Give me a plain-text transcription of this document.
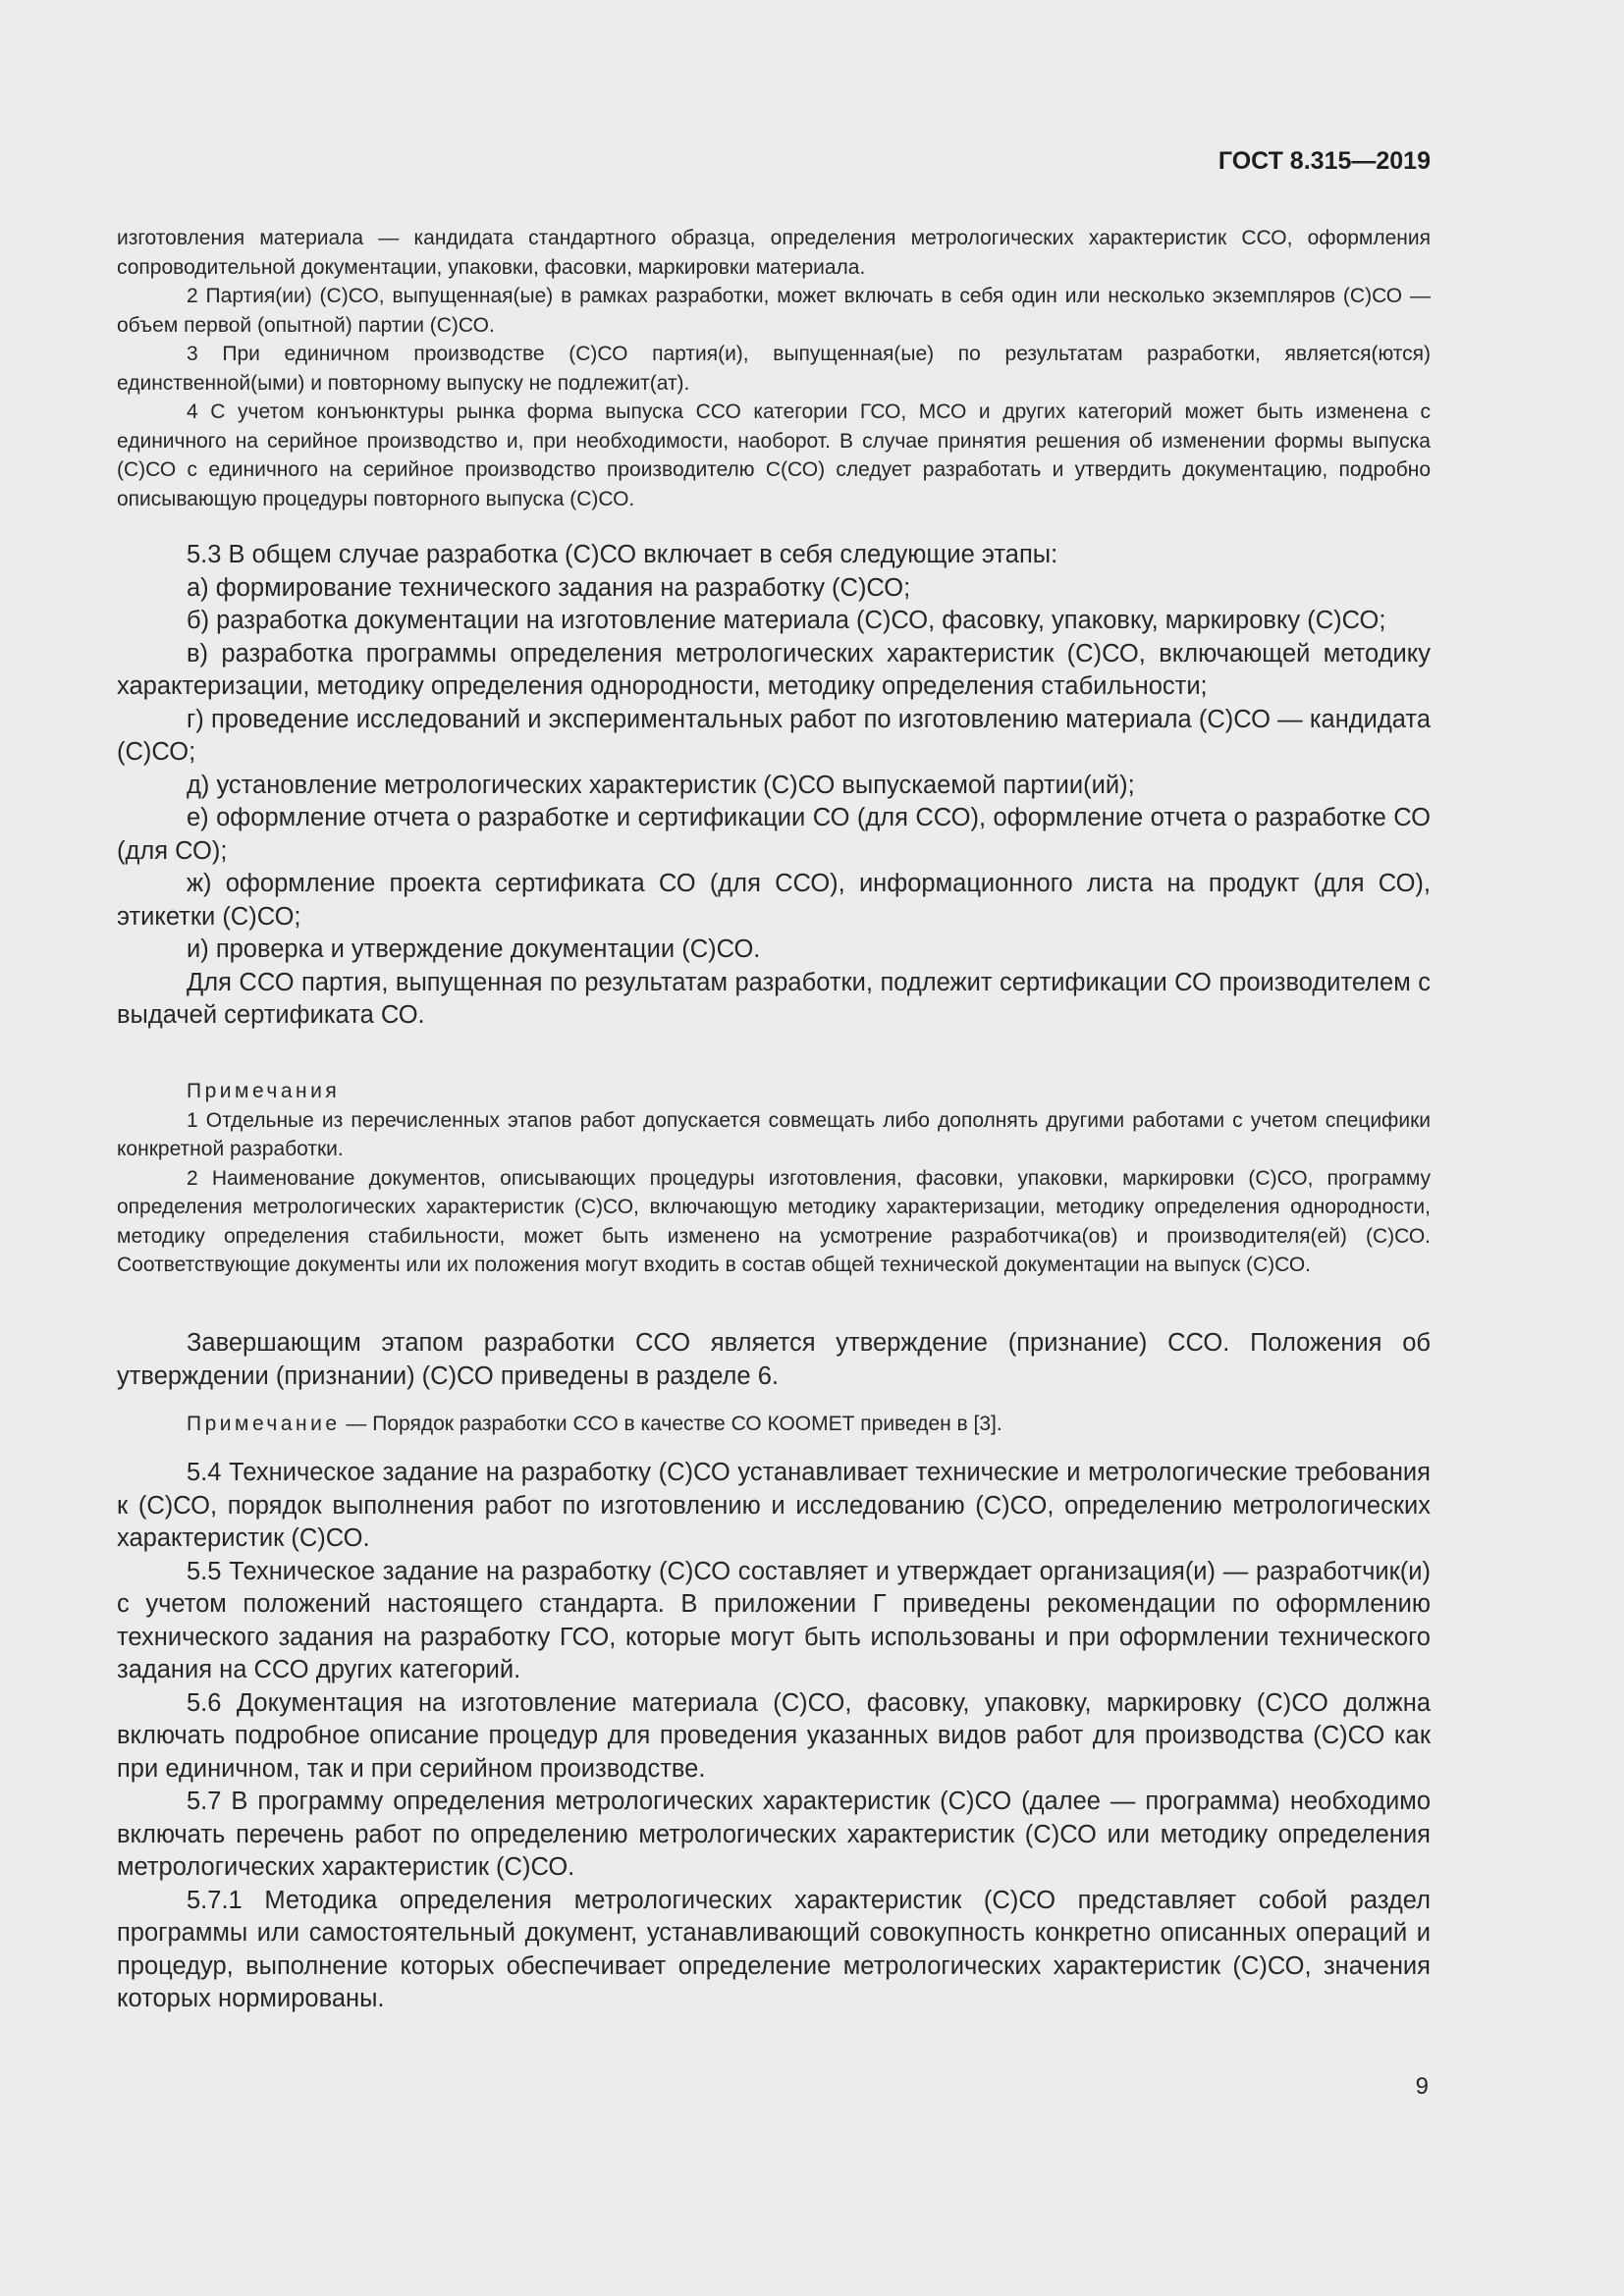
ГОСТ 8.315—2019

изготовления материала — кандидата стандартного образца, определения метрологических характеристик ССО, оформления сопроводительной документации, упаковки, фасовки, маркировки материала.

2 Партия(ии) (С)СО, выпущенная(ые) в рамках разработки, может включать в себя один или несколько экземпляров (С)СО — объем первой (опытной) партии (С)СО.

3 При единичном производстве (С)СО партия(и), выпущенная(ые) по результатам разработки, является(ются) единственной(ыми) и повторному выпуску не подлежит(ат).

4 С учетом конъюнктуры рынка форма выпуска ССО категории ГСО, МСО и других категорий может быть изменена с единичного на серийное производство и, при необходимости, наоборот. В случае принятия решения об изменении формы выпуска (С)СО с единичного на серийное производство производителю С(СО) следует разработать и утвердить документацию, подробно описывающую процедуры повторного выпуска (С)СО.

5.3 В общем случае разработка (С)СО включает в себя следующие этапы:

а) формирование технического задания на разработку (С)СО;

б) разработка документации на изготовление материала (С)СО, фасовку, упаковку, маркировку (С)СО;

в) разработка программы определения метрологических характеристик (С)СО, включающей методику характеризации, методику определения однородности, методику определения стабильности;

г) проведение исследований и экспериментальных работ по изготовлению материала (С)СО — кандидата (С)СО;

д) установление метрологических характеристик (С)СО выпускаемой партии(ий);

е) оформление отчета о разработке и сертификации СО (для ССО), оформление отчета о разработке СО (для СО);

ж) оформление проекта сертификата СО (для ССО), информационного листа на продукт (для СО), этикетки (С)СО;

и) проверка и утверждение документации (С)СО.

Для ССО партия, выпущенная по результатам разработки, подлежит сертификации СО производителем с выдачей сертификата СО.

Примечания

1 Отдельные из перечисленных этапов работ допускается совмещать либо дополнять другими работами с учетом специфики конкретной разработки.

2 Наименование документов, описывающих процедуры изготовления, фасовки, упаковки, маркировки (С)СО, программу определения метрологических характеристик (С)СО, включающую методику характеризации, методику определения однородности, методику определения стабильности, может быть изменено на усмотрение разработчика(ов) и производителя(ей) (С)СО. Соответствующие документы или их положения могут входить в состав общей технической документации на выпуск (С)СО.

Завершающим этапом разработки ССО является утверждение (признание) ССО. Положения об утверждении (признании) (С)СО приведены в разделе 6.

Примечание — Порядок разработки ССО в качестве СО КООМЕТ приведен в [3].

5.4 Техническое задание на разработку (С)СО устанавливает технические и метрологические требования к (С)СО, порядок выполнения работ по изготовлению и исследованию (С)СО, определению метрологических характеристик (С)СО.

5.5 Техническое задание на разработку (С)СО составляет и утверждает организация(и) — разработчик(и) с учетом положений настоящего стандарта. В приложении Г приведены рекомендации по оформлению технического задания на разработку ГСО, которые могут быть использованы и при оформлении технического задания на ССО других категорий.

5.6 Документация на изготовление материала (С)СО, фасовку, упаковку, маркировку (С)СО должна включать подробное описание процедур для проведения указанных видов работ для производства (С)СО как при единичном, так и при серийном производстве.

5.7 В программу определения метрологических характеристик (С)СО (далее — программа) необходимо включать перечень работ по определению метрологических характеристик (С)СО или методику определения метрологических характеристик (С)СО.

5.7.1 Методика определения метрологических характеристик (С)СО представляет собой раздел программы или самостоятельный документ, устанавливающий совокупность конкретно описанных операций и процедур, выполнение которых обеспечивает определение метрологических характеристик (С)СО, значения которых нормированы.

9
